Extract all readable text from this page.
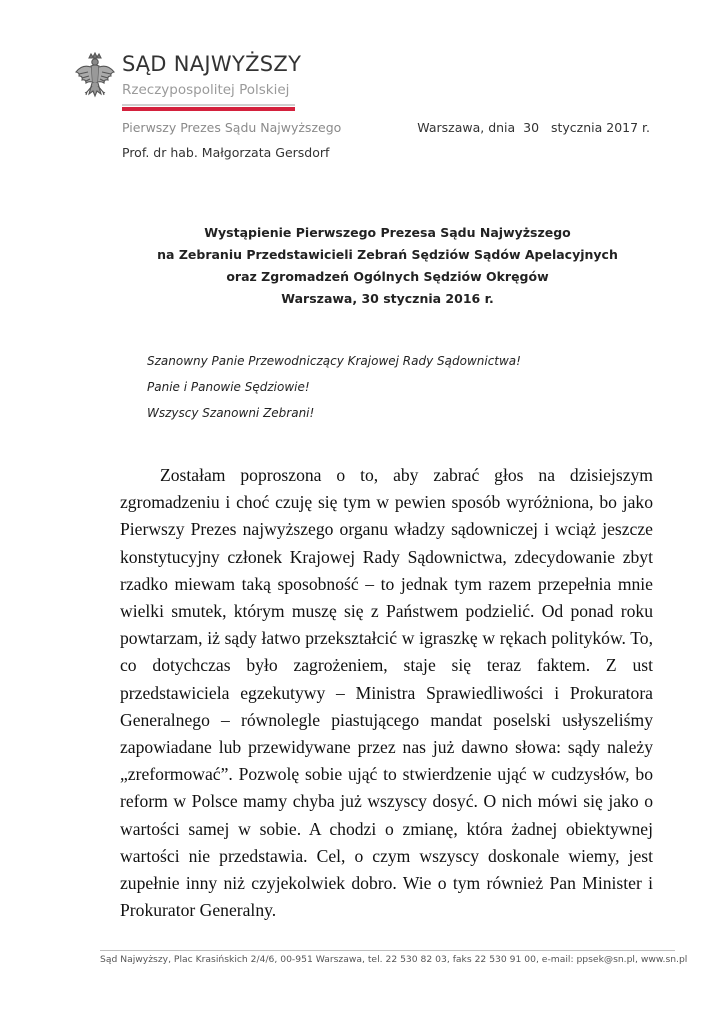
SĄD NAJWYŻSZY
Rzeczypospolitej Polskiej
Pierwszy Prezes Sądu Najwyższego
Prof. dr hab. Małgorzata Gersdorf
Warszawa, dnia  30   stycznia 2017 r.
Wystąpienie Pierwszego Prezesa Sądu Najwyższego
na Zebraniu Przedstawicieli Zebrań Sędziów Sądów Apelacyjnych
oraz Zgromadzeń Ogólnych Sędziów Okręgów
Warszawa, 30 stycznia 2016 r.
Szanowny Panie Przewodniczący Krajowej Rady Sądownictwa!
Panie i Panowie Sędziowie!
Wszyscy Szanowni Zebrani!
Zostałam poproszona o to, aby zabrać głos na dzisiejszym zgromadzeniu i choć czuję się tym w pewien sposób wyróżniona, bo jako Pierwszy Prezes najwyższego organu władzy sądowniczej i wciąż jeszcze konstytucyjny członek Krajowej Rady Sądownictwa, zdecydowanie zbyt rzadko miewam taką sposobność – to jednak tym razem przepełnia mnie wielki smutek, którym muszę się z Państwem podzielić. Od ponad roku powtarzam, iż sądy łatwo przekształcić w igraszkę w rękach polityków. To, co dotychczas było zagrożeniem, staje się teraz faktem. Z ust przedstawiciela egzekutywy – Ministra Sprawiedliwości i Prokuratora Generalnego – równolegle piastującego mandat poselski usłyszeliśmy zapowiadane lub przewidywane przez nas już dawno słowa: sądy należy „zreformować”. Pozwolę sobie ująć to stwierdzenie ująć w cudzysłów, bo reform w Polsce mamy chyba już wszyscy dosyć. O nich mówi się jako o wartości samej w sobie. A chodzi o zmianę, która żadnej obiektywnej wartości nie przedstawia. Cel, o czym wszyscy doskonale wiemy, jest zupełnie inny niż czyjekolwiek dobro. Wie o tym również Pan Minister i Prokurator Generalny.
Sąd Najwyższy, Plac Krasińskich 2/4/6, 00-951 Warszawa, tel. 22 530 82 03, faks 22 530 91 00, e-mail: ppsek@sn.pl, www.sn.pl
